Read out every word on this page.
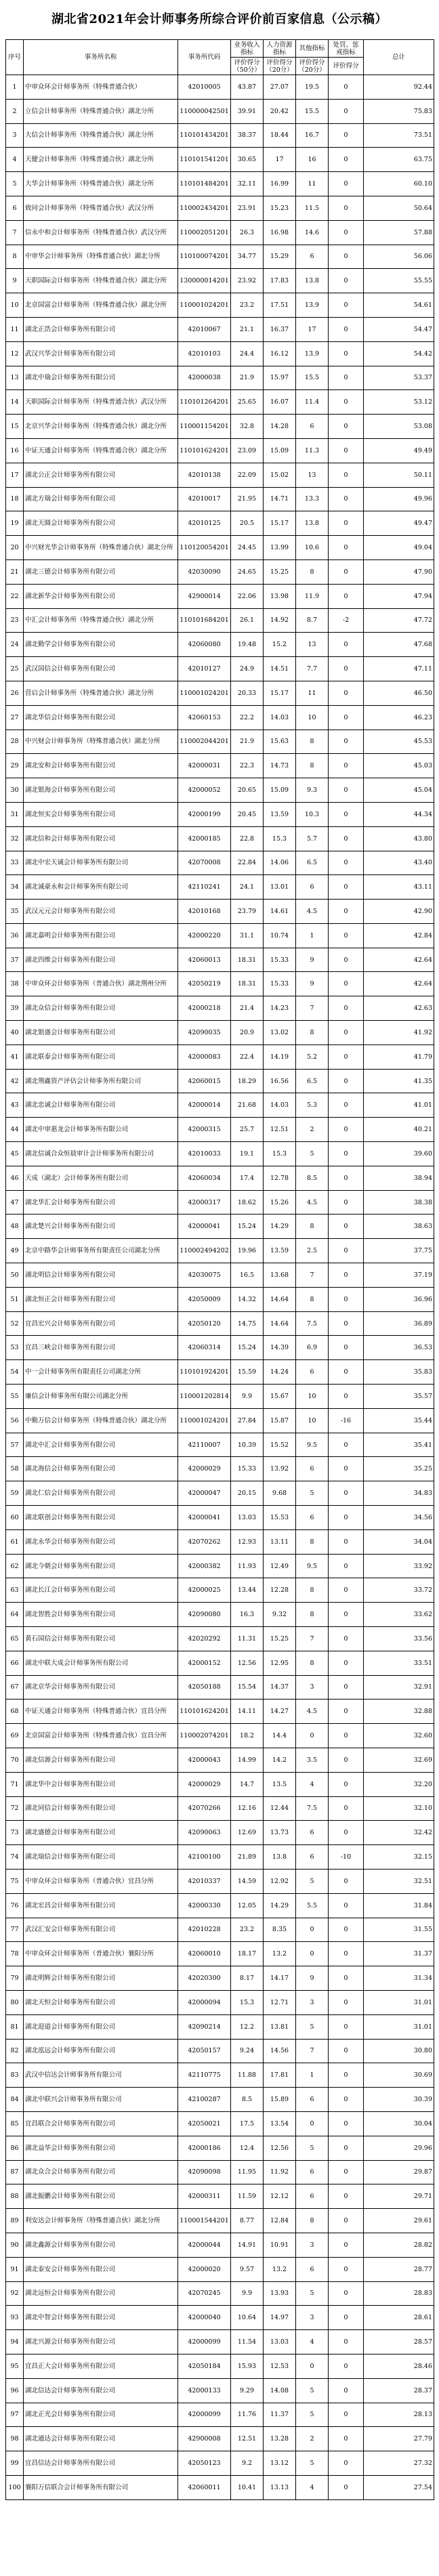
湖北省2021年会计师事务所综合评价前百家信息（公示稿）
序号	事务所名称	事务所代码	业务收入指标	人力资源指标	其他指标	处罚、惩戒指标	总计
			评价得分（50分）	评价得分（20分）	评价得分（20分）	评价得分	
1	中审众环会计师事务所（特殊普通合伙）	42010005	43.87	27.07	19.5	0	92.44
2	立信会计师事务所（特殊普通合伙）湖北分所	110000042501	39.91	20.42	15.5	0	75.83
3	大信会计师事务所（特殊普通合伙）湖北分所	110101434201	38.37	18.44	16.7	0	73.51
4	天健会计师事务所（特殊普通合伙）湖北分所	110101541201	30.65	17	16	0	63.75
5	大华会计师事务所（特殊普通合伙）湖北分所	110101484201	32.11	16.99	11	0	60.10
6	致同会计师事务所（特殊普通合伙）武汉分所	110002434201	23.91	15.23	11.5	0	50.64
7	信永中和会计师事务所（特殊普通合伙）武汉分所	110002051201	26.3	16.98	14.6	0	57.88
8	中审华会计师事务所（特殊普通合伙）湖北分所	110100074201	34.77	15.29	6	0	56.06
9	天职国际会计师事务所（特殊普通合伙）湖北分所	130000014201	23.92	17.83	13.8	0	55.55
10	北京国富会计师事务所（特殊普通合伙）湖北分所	110001024201	23.2	17.51	13.9	0	54.61
11	湖北正浩会计师事务所有限公司	42010067	21.1	16.37	17	0	54.47
12	武汉兴华会计师事务所有限公司	42010103	24.4	16.12	13.9	0	54.42
13	湖北中瑞会计师事务所有限公司	42000038	21.9	15.97	15.5	0	53.37
14	天职国际会计师事务所（特殊普通合伙）武汉分所	110101264201	25.65	16.07	11.4	0	53.12
15	北京兴华会计师事务所（特殊普通合伙）湖北分所	110001154201	32.8	14.28	6	0	53.08
16	中证天通会计师事务所（特殊普通合伙）湖北分所	110101624201	23.09	15.09	11.3	0	49.49
17	湖北公正会计师事务所有限公司	42010138	22.09	15.02	13	0	50.11
18	湖北方瑞会计师事务所有限公司	42010017	21.95	14.71	13.3	0	49.96
19	湖北天圆会计师事务所有限公司	42010125	20.5	15.17	13.8	0	49.47
20	中兴财光华会计师事务所（特殊普通合伙）湖北分所	110120054201	24.45	13.99	10.6	0	49.04
21	湖北三德会计师事务所有限公司	42030090	24.65	15.25	8	0	47.90
22	湖北新华会计师事务所有限公司	42900014	22.06	13.98	11.9	0	47.94
23	中汇会计师事务所（特殊普通合伙）湖北分所	110101684201	26.1	14.92	8.7	-2	47.72
24	湖北勤学会计师事务所有限公司	42060080	19.48	15.2	13	0	47.68
25	武汉国信会计师事务所有限公司	42010127	24.9	14.51	7.7	0	47.11
26	营启会计师事务所（特殊普通合伙）湖北分所	110001024201	20.33	15.17	11	0	46.50
27	湖北华信会计师事务所有限公司	42060153	22.2	14.03	10	0	46.23
28	中兴财会计师事务所（特殊普通合伙）湖北分所	110002044201	21.9	15.63	8	0	45.53
29	湖北安和会计师事务所有限公司	42000031	22.3	14.73	8	0	45.03
30	湖北银海会计师事务所有限公司	42000052	20.65	15.09	9.3	0	45.04
31	湖北恒实会计师事务所有限公司	42000199	20.45	13.59	10.3	0	44.34
32	湖北信和会计师事务所有限公司	42000185	22.8	15.3	5.7	0	43.80
33	湖北中宏天诚会计师事务所有限公司	42070008	22.84	14.06	6.5	0	43.40
34	湖北诚豪永和会计师事务所有限公司	42110241	24.1	13.01	6	0	43.11
35	武汉元元会计师事务所有限公司	42010168	23.79	14.61	4.5	0	42.90
36	湖北嘉明会计师事务所有限公司	42000220	31.1	10.74	1	0	42.84
37	湖北四维会计师事务所有限公司	42060013	18.31	15.33	9	0	42.64
38	中审众环会计师事务所（普通合伙）湖北荆州分所	42050219	18.31	15.33	9	0	42.64
39	湖北众信会计师事务所有限公司	42000218	21.4	14.23	7	0	42.63
40	湖北银盛会计师事务所有限公司	42090035	20.9	13.02	8	0	41.92
41	湖北联泰会计师事务所有限公司	42000083	22.4	14.19	5.2	0	41.79
42	湖北荆鑫资产评估会计师事务所有限公司	42060015	18.29	16.56	6.5	0	41.35
43	湖北忠诚会计师事务所有限公司	42000014	21.68	14.03	5.3	0	41.01
44	湖北中审惠龙会计师事务所有限公司	42000315	25.7	12.51	2	0	40.21
45	湖北信诚合众恒晨审计会计师事务所有限公司	42010033	19.1	15.3	5	0	39.60
46	天成（湖北）会计师事务所有限公司	42060034	17.4	12.78	8.5	0	38.94
47	湖北华汇会计师事务所有限公司	42000317	18.62	15.26	4.5	0	38.38
48	湖北楚兴会计师事务所有限公司	42000041	15.24	14.29	8	0	38.63
49	北京中路华会计师事务所有限责任公司湖北分所	110002494202	19.96	13.59	2.5	0	37.75
50	湖北明信会计师事务所有限公司	42030075	16.5	13.68	7	0	37.19
51	湖北恒正会计师事务所有限公司	42050009	14.32	14.64	8	0	36.96
52	宜昌宏兴会计师事务所有限公司	42050120	14.75	14.64	7.5	0	36.89
53	宜昌三峡会计师事务所有限公司	42060314	15.24	14.39	6.9	0	36.53
54	中一会计师事务所有限责任公司湖北分所	110101924201	15.59	14.24	6	0	35.83
55	廉信会计师事务所有限公司湖北分所	110001202814	9.9	15.67	10	0	35.57
56	中勤万信会计师事务所（特殊普通合伙）湖北分所	110001024201	27.84	15.87	10	-16	35.44
57	湖北中汇会计师事务所有限公司	42110007	10.39	15.52	9.5	0	35.41
58	湖北海信会计师事务所有限公司	42000029	15.33	13.92	6	0	35.25
59	湖北仁信会计师事务所有限公司	42000047	20.15	9.68	5	0	34.83
60	湖北联创会计师事务所有限公司	42000041	13.03	15.53	6	0	34.56
61	湖北永华会计师事务所有限公司	42070262	12.93	13.11	8	0	34.04
62	湖北今朝会计师事务所有限公司	42000382	11.93	12.49	9.5	0	33.92
63	湖北长江会计师事务所有限公司	42000025	13.44	12.28	8	0	33.72
64	湖北智胜会计师事务所有限公司	42090080	16.3	9.32	8	0	33.62
65	黄石国信会计师事务所有限公司	42020292	11.31	15.25	7	0	33.56
66	湖北中联大成会计师事务所有限公司	42000152	12.56	12.95	8	0	33.51
67	湖北京华会计师事务所有限公司	42050188	15.54	14.37	3	0	32.91
68	中证天通会计师事务所（特殊普通合伙）宜昌分所	110101624201	14.11	14.27	4.5	0	32.88
69	北京国富会计师事务所（特殊普通合伙）宜昌分所	110002074201	18.2	14.4	0	0	32.60
70	湖北信源会计师事务所有限公司	42000043	14.99	14.2	3.5	0	32.69
71	湖北华中会计师事务所有限公司	42000029	14.7	13.5	4	0	32.20
72	湖北同信会计师事务所有限公司	42070266	12.16	12.44	7.5	0	32.10
73	湖北盛德会计师事务所有限公司	42090063	12.69	13.73	6	0	32.42
74	湖北瑞信会计师事务所有限公司	42100100	21.89	13.8	6	-10	32.15
75	中审众环会计师事务所（普通合伙）宜昌分所	42010337	14.59	12.92	5	0	32.51
76	湖北宏昌会计师事务所有限公司	42000330	12.05	14.29	5.5	0	31.84
77	武汉汇安会计师事务所有限公司	42010228	23.2	8.35	0	0	31.55
78	中审众环会计师事务所（普通合伙）襄阳分所	42060010	18.17	13.2	0	0	31.37
79	湖北明辉会计师事务所有限公司	42020300	8.17	14.17	9	0	31.34
80	湖北天恒会计师事务所有限公司	42000094	15.3	12.71	3	0	31.01
81	湖北迎道会计师事务所有限公司	42090214	12.2	13.81	5	0	31.01
82	湖北泓远会计师事务所有限公司	42050157	9.24	14.56	7	0	30.80
83	武汉中信达会计师事务所有限公司	42110775	11.88	17.81	1	0	30.69
84	湖北中联兴会计师事务所有限公司	42100287	8.5	15.89	6	0	30.39
85	宜昌联合会计师事务所有限公司	42050021	17.5	13.54	0	0	30.04
86	湖北益华会计师事务所有限公司	42000186	12.4	12.56	5	0	29.96
87	湖北众合会计师事务所有限公司	42090098	11.95	11.92	6	0	29.87
88	湖北振鹏会计师事务所有限公司	42000311	11.59	12.12	6	0	29.71
89	利安达会计师事务所（特殊普通合伙）湖北分所	110001544201	8.77	12.84	8	0	29.61
90	湖北鑫源会计师事务所有限公司	42000044	14.91	10.91	3	0	28.82
91	湖北泰安会计师事务所有限公司	42000020	9.57	13.2	6	0	28.77
92	湖北远恒会计师事务所有限公司	42070245	9.9	13.93	5	0	28.83
93	湖北中智会计师事务所有限公司	42000040	10.64	14.97	3	0	28.61
94	湖北兴源会计师事务所有限公司	42000099	11.54	13.03	4	0	28.57
95	宜昌正大会计师事务所有限公司	42050184	15.93	12.53	0	0	28.46
96	湖北信达会计师事务所有限公司	42000133	9.29	14.08	5	0	28.37
97	湖北正光会计师事务所有限公司	42000099	11.76	11.37	5	0	28.13
98	湖北通达会计师事务所有限公司	42900008	12.51	13.28	2	0	27.79
99	宜昌信达会计师事务所有限公司	42050123	9.2	13.12	5	0	27.32
100	襄阳万信联合会计师事务所有限公司	42060011	10.41	13.13	4	0	27.54
